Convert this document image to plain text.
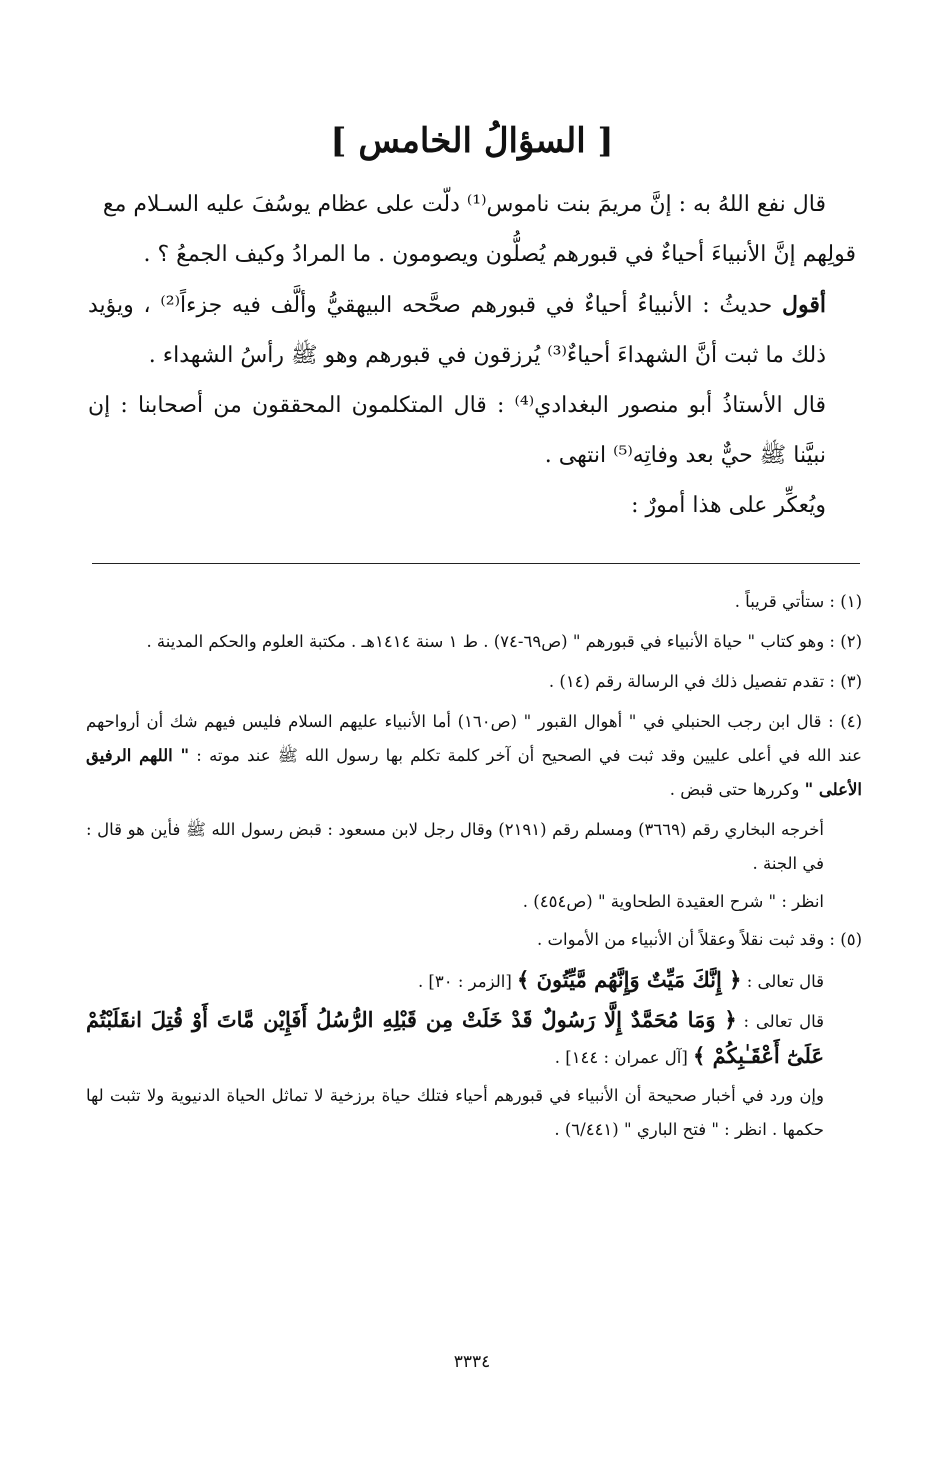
[ السؤالُ الخامس ]

قال نفع اللهُ به : إنَّ مريمَ بنت ناموس⁽¹⁾ دلّت على عظام يوسُفَ عليه السـلام مع

قولِهم إنَّ الأنبياءَ أحياءٌ في قبورهم يُصلُّون ويصومون . ما المرادُ وكيف الجمعُ ؟ .

أقول حديثُ : الأنبياءُ أحياءٌ في قبورهم صحَّحه البيهقيُّ وألَّف فيه جزءاً⁽²⁾ ، ويؤيد ذلك ما ثبت أنَّ الشهداءَ أحياءٌ⁽³⁾ يُرزقون في قبورهم وهو ﷺ رأسُ الشهداء .

قال الأستاذُ أبو منصور البغدادي⁽⁴⁾ : قال المتكلمون المحققون من أصحابنا : إن نبيَّنا ﷺ حيٌّ بعد وفاتِه⁽⁵⁾ انتهى .

ويُعكِّر على هذا أمورٌ :

(١) : ستأتي قريباً .

(٢) : وهو كتاب " حياة الأنبياء في قبورهم " (ص٦٩-٧٤) . ط ١ سنة ١٤١٤هـ . مكتبة العلوم والحكم المدينة .

(٣) : تقدم تفصيل ذلك في الرسالة رقم (١٤) .

(٤) : قال ابن رجب الحنبلي في " أهوال القبور " (ص١٦٠) أما الأنبياء عليهم السلام فليس فيهم شك أن أرواحهم عند الله في أعلى عليين وقد ثبت في الصحيح أن آخر كلمة تكلم بها رسول الله ﷺ عند موته : " اللهم الرفيق الأعلى " وكررها حتى قبض .

أخرجه البخاري رقم (٣٦٦٩) ومسلم رقم (٢١٩١) وقال رجل لابن مسعود : قبض رسول الله ﷺ فأين هو قال : في الجنة .

انظر : " شرح العقيدة الطحاوية " (ص٤٥٤) .

(٥) : وقد ثبت نقلاً وعقلاً أن الأنبياء من الأموات .

قال تعالى : ﴿ إِنَّكَ مَيِّتٌ وَإِنَّهُم مَّيِّتُونَ ﴾ [الزمر : ٣٠] .

قال تعالى : ﴿ وَمَا مُحَمَّدٌ إِلَّا رَسُولٌ قَدْ خَلَتْ مِن قَبْلِهِ الرُّسُلُ أَفَإِيْن مَّاتَ أَوْ قُتِلَ انقَلَبْتُمْ عَلَىٰٓ أَعْقَـٰبِكُمْ ﴾ [آل عمران : ١٤٤] .

وإن ورد في أخبار صحيحة أن الأنبياء في قبورهم أحياء فتلك حياة برزخية لا تماثل الحياة الدنيوية ولا تثبت لها حكمها . انظر : " فتح الباري " (٦/٤٤١) .

٣٣٣٤
